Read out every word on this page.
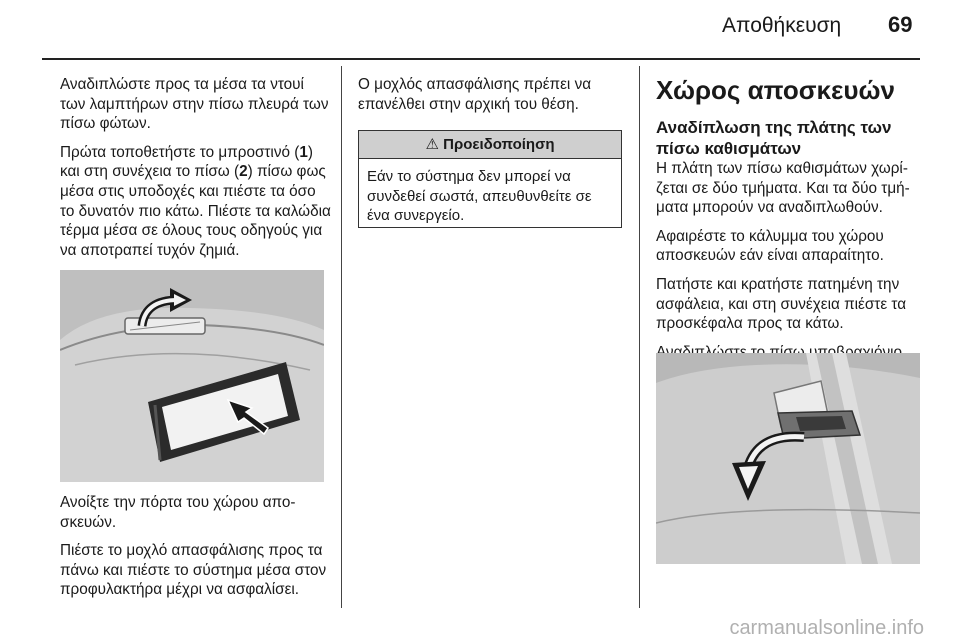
Αποθήκευση 69

Αναδιπλώστε προς τα μέσα τα ντουί των λαμπτήρων στην πίσω πλευρά των πίσω φώτων.

Πρώτα τοποθετήστε το μπροστινό (1) και στη συνέχεια το πίσω (2) πίσω φως μέσα στις υποδοχές και πιέστε τα όσο το δυνατόν πιο κάτω. Πιέστε τα καλώδια τέρμα μέσα σε όλους τους οδηγούς για να αποτραπεί τυχόν ζημιά.

Ανοίξτε την πόρτα του χώρου αποσκευών.

Πιέστε το μοχλό απασφάλισης προς τα πάνω και πιέστε το σύστημα μέσα στον προφυλακτήρα μέχρι να ασφαλίσει.

Ο μοχλός απασφάλισης πρέπει να επανέλθει στην αρχική του θέση.

⚠ Προειδοποίηση
Εάν το σύστημα δεν μπορεί να συνδεθεί σωστά, απευθυνθείτε σε ένα συνεργείο.
Χώρος αποσκευών
Αναδίπλωση της πλάτης των πίσω καθισμάτων

Η πλάτη των πίσω καθισμάτων χωρίζεται σε δύο τμήματα. Και τα δύο τμήματα μπορούν να αναδιπλωθούν.

Αφαιρέστε το κάλυμμα του χώρου αποσκευών εάν είναι απαραίτητο.

Πατήστε και κρατήστε πατημένη την ασφάλεια, και στη συνέχεια πιέστε τα προσκέφαλα προς τα κάτω.

carmanualsonline.info
